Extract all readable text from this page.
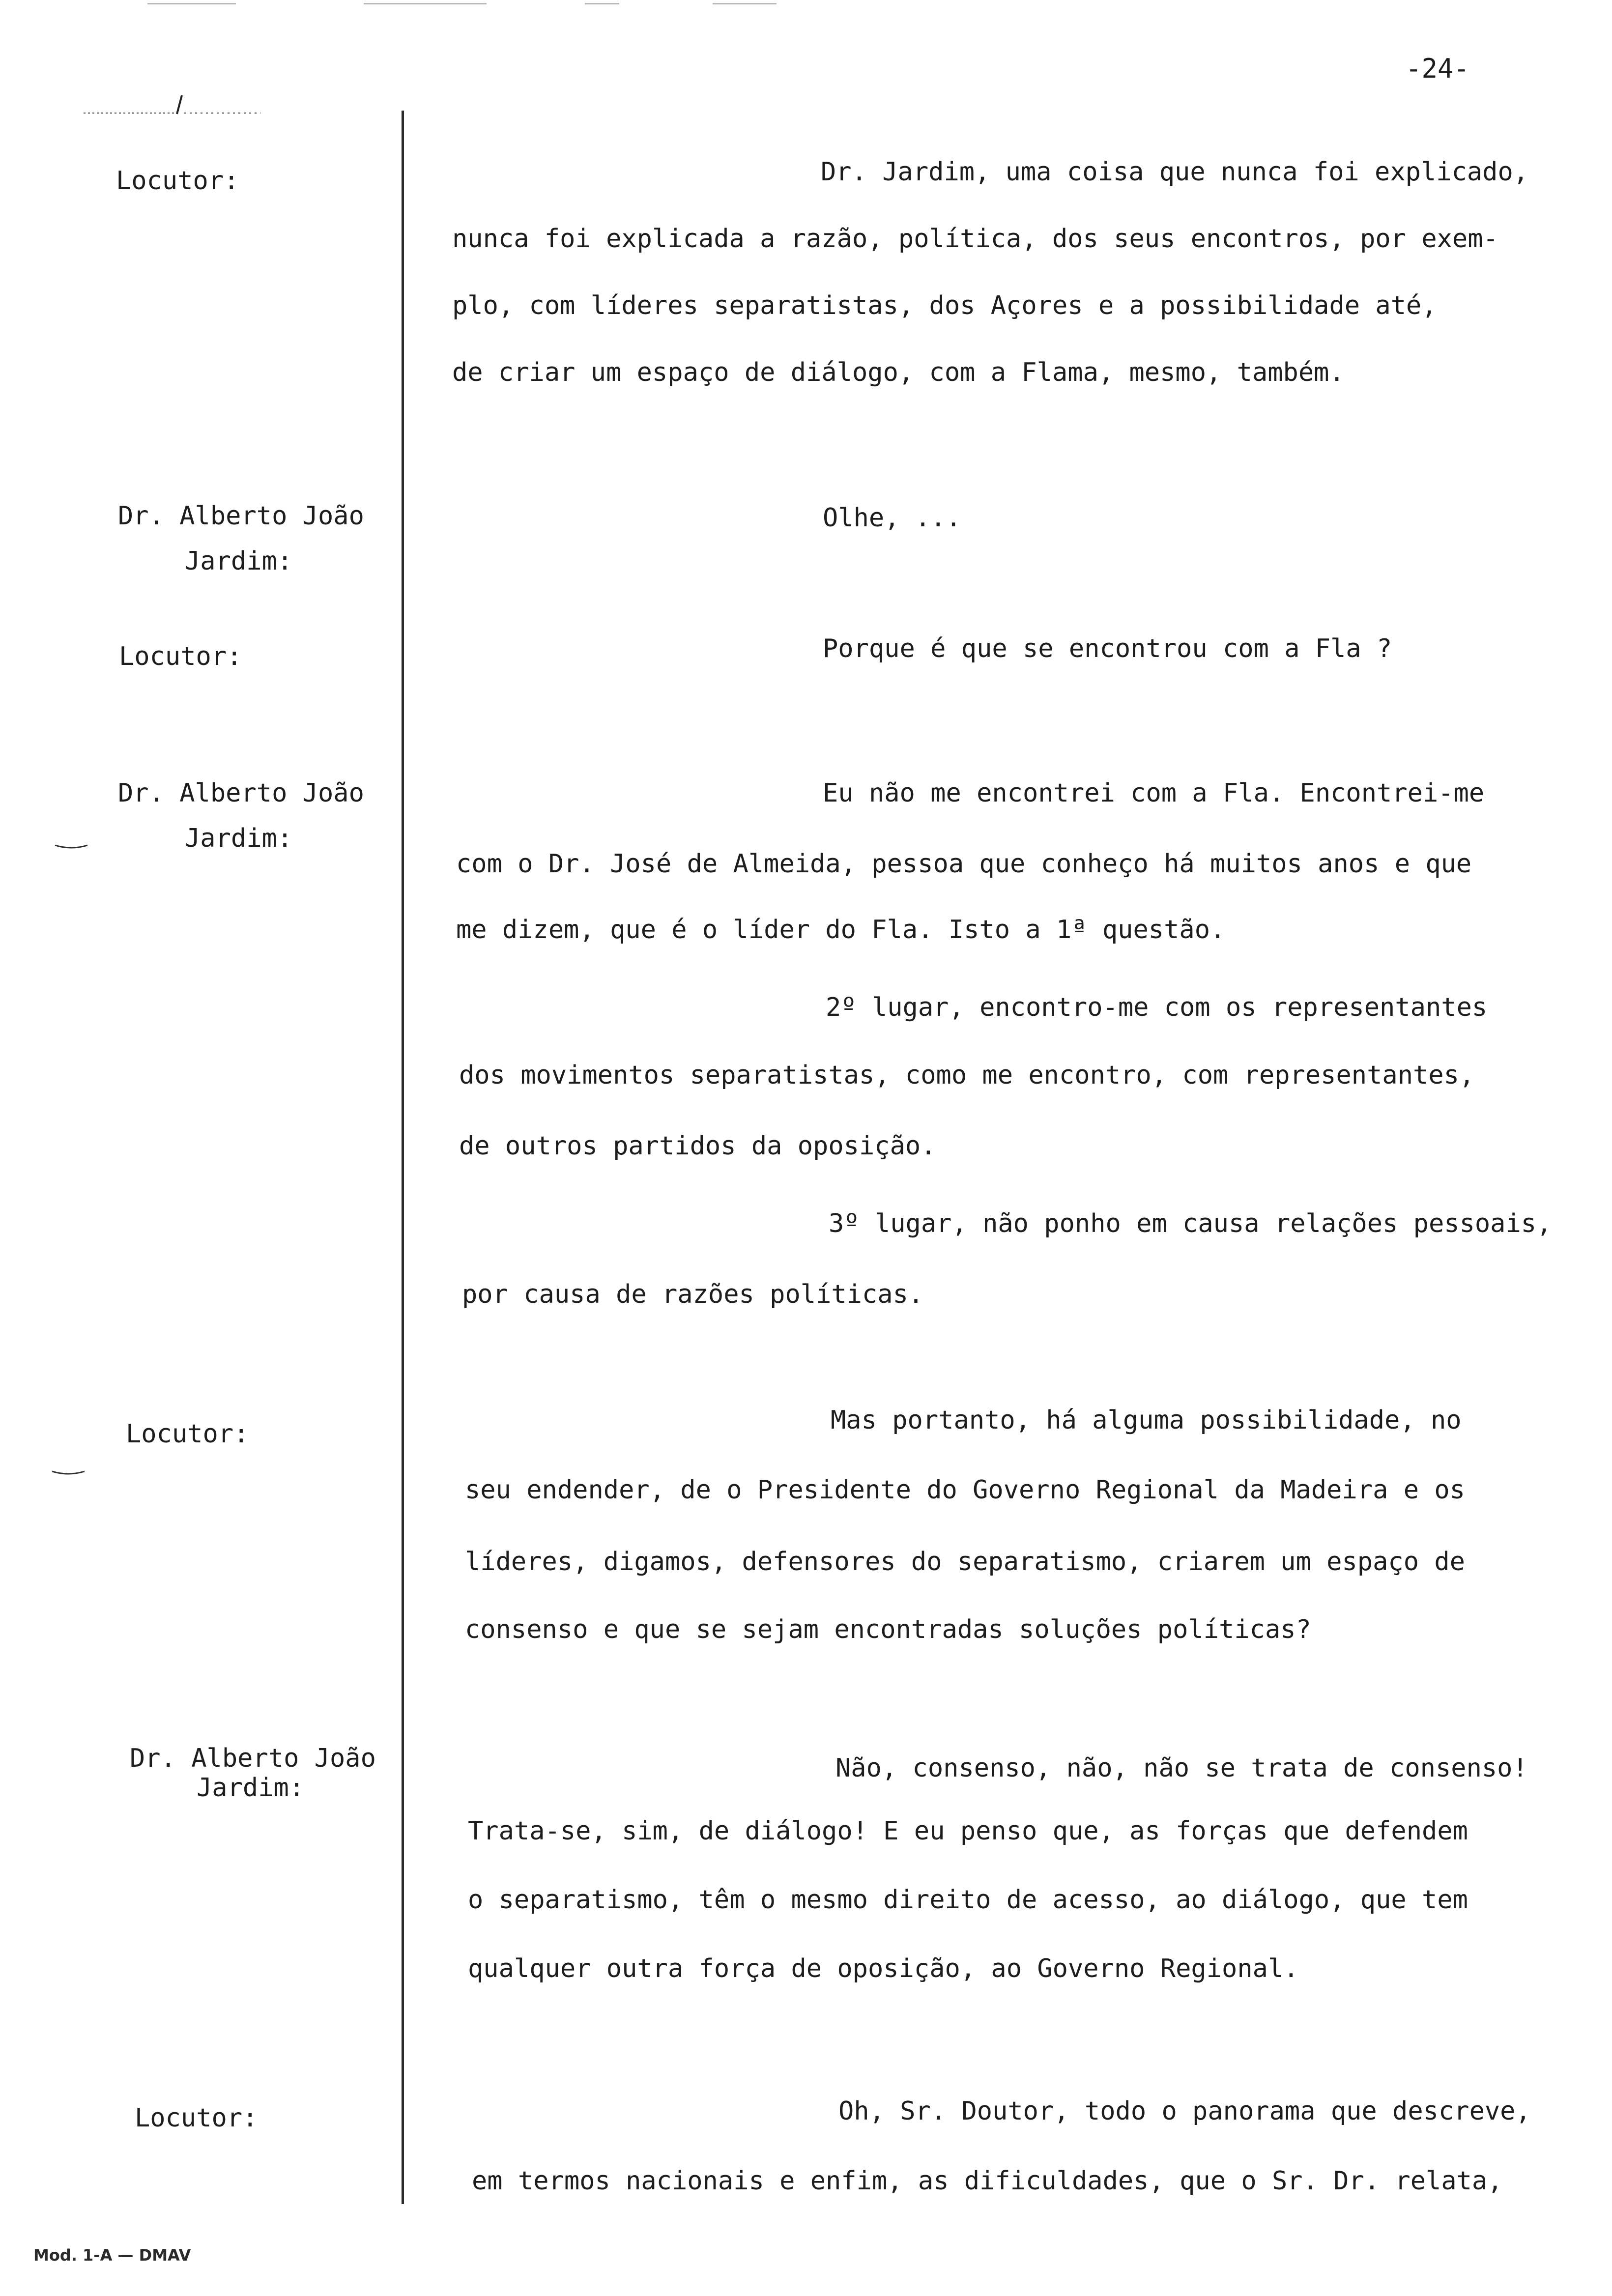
-24-
Locutor:
Dr. Alberto João
Jardim:
Locutor:
Dr. Alberto João
Jardim:
Locutor:
Dr. Alberto João
Jardim:
Locutor:
Dr. Jardim, uma coisa que nunca foi explicado,
nunca foi explicada a razão, política, dos seus encontros, por exem-
plo, com líderes separatistas, dos Açores e a possibilidade até,
de criar um espaço de diálogo, com a Flama, mesmo, também.
Olhe, ...
Porque é que se encontrou com a Fla ?
Eu não me encontrei com a Fla. Encontrei-me
com o Dr. José de Almeida, pessoa que conheço há muitos anos e que
me dizem, que é o líder do Fla. Isto a 1ª questão.
2º lugar, encontro-me com os representantes
dos movimentos separatistas, como me encontro, com representantes,
de outros partidos da oposição.
3º lugar, não ponho em causa relações pessoais,
por causa de razões políticas.
Mas portanto, há alguma possibilidade, no
seu endender, de o Presidente do Governo Regional da Madeira e os
líderes, digamos, defensores do separatismo, criarem um espaço de
consenso e que se sejam encontradas soluções políticas?
Não, consenso, não, não se trata de consenso!
Trata-se, sim, de diálogo! E eu penso que, as forças que defendem
o separatismo, têm o mesmo direito de acesso, ao diálogo, que tem
qualquer outra força de oposição, ao Governo Regional.
Oh, Sr. Doutor, todo o panorama que descreve,
em termos nacionais e enfim, as dificuldades, que o Sr. Dr. relata,
Mod. 1-A — DMAV
